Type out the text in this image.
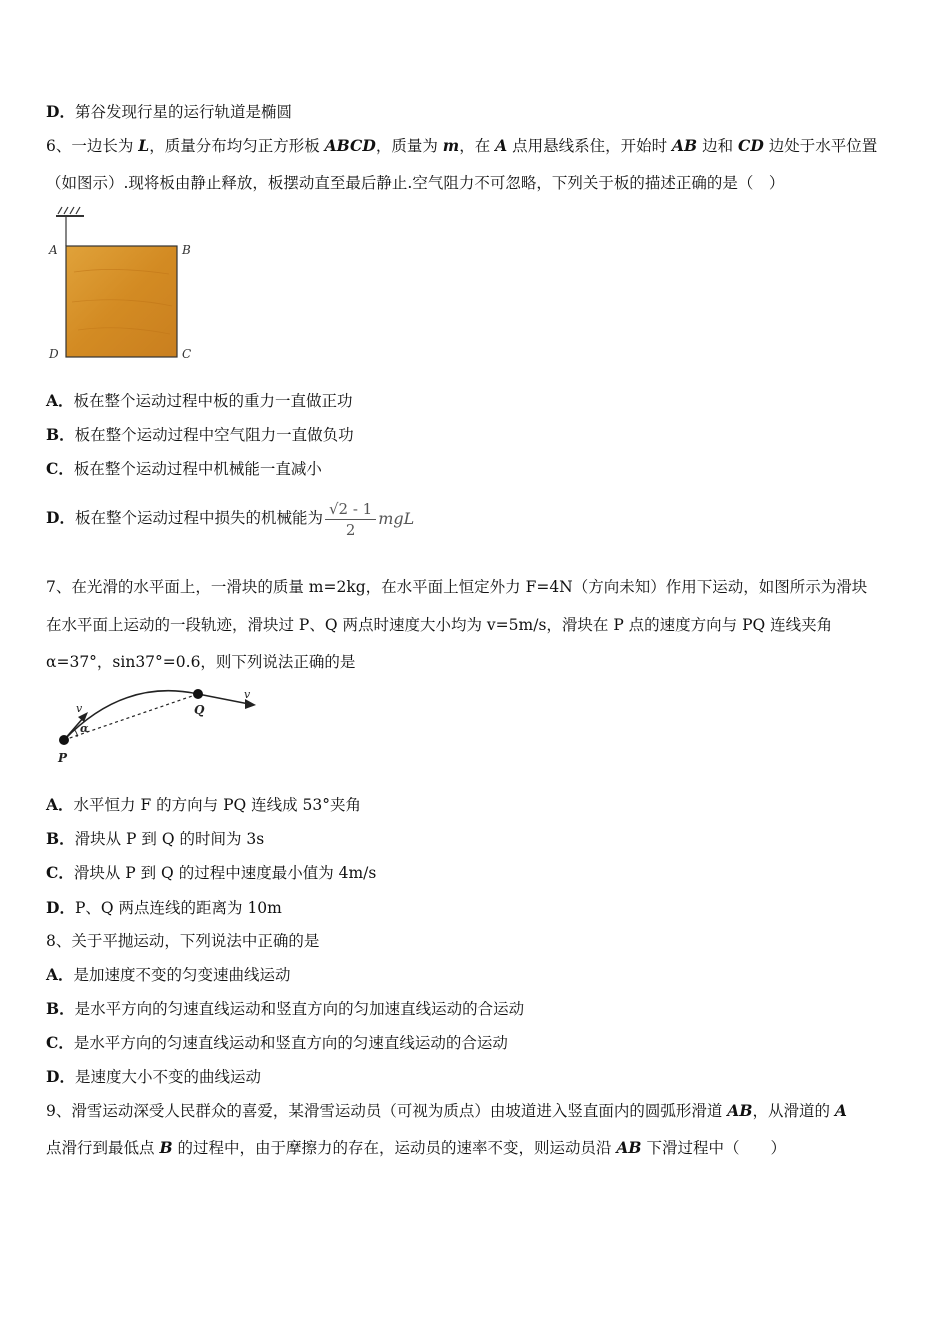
D．第谷发现行星的运行轨道是椭圆
6、一边长为 L，质量分布均匀正方形板 ABCD，质量为 m，在 A 点用悬线系住，开始时 AB 边和 CD 边处于水平位置
（如图示）.现将板由静止释放，板摆动直至最后静止.空气阻力不可忽略，下列关于板的描述正确的是（　）
A	B
C
D
A．板在整个运动过程中板的重力一直做正功
B．板在整个运动过程中空气阻力一直做负功
C．板在整个运动过程中机械能一直减小
D．板在整个运动过程中损失的机械能为 $\frac{√2 - 1}{2}$ mgL
7、在光滑的水平面上，一滑块的质量 m=2kg，在水平面上恒定外力 F=4N（方向未知）作用下运动，如图所示为滑块
在水平面上运动的一段轨迹，滑块过 P、Q 两点时速度大小均为 v=5m/s，滑块在 P 点的速度方向与 PQ 连线夹角
α=37°，sin37°=0.6，则下列说法正确的是
P
Q
v
v
α
A．水平恒力 F 的方向与 PQ 连线成 53°夹角
B．滑块从 P 到 Q 的时间为 3s
C．滑块从 P 到 Q 的过程中速度最小值为 4m/s
D．P、Q 两点连线的距离为 10m
8、关于平抛运动，下列说法中正确的是
A．是加速度不变的匀变速曲线运动
B．是水平方向的匀速直线运动和竖直方向的匀加速直线运动的合运动
C．是水平方向的匀速直线运动和竖直方向的匀速直线运动的合运动
D．是速度大小不变的曲线运动
9、滑雪运动深受人民群众的喜爱，某滑雪运动员（可视为质点）由坡道进入竖直面内的圆弧形滑道 AB，从滑道的 A
点滑行到最低点 B 的过程中，由于摩擦力的存在，运动员的速率不变，则运动员沿 AB 下滑过程中（　　）
